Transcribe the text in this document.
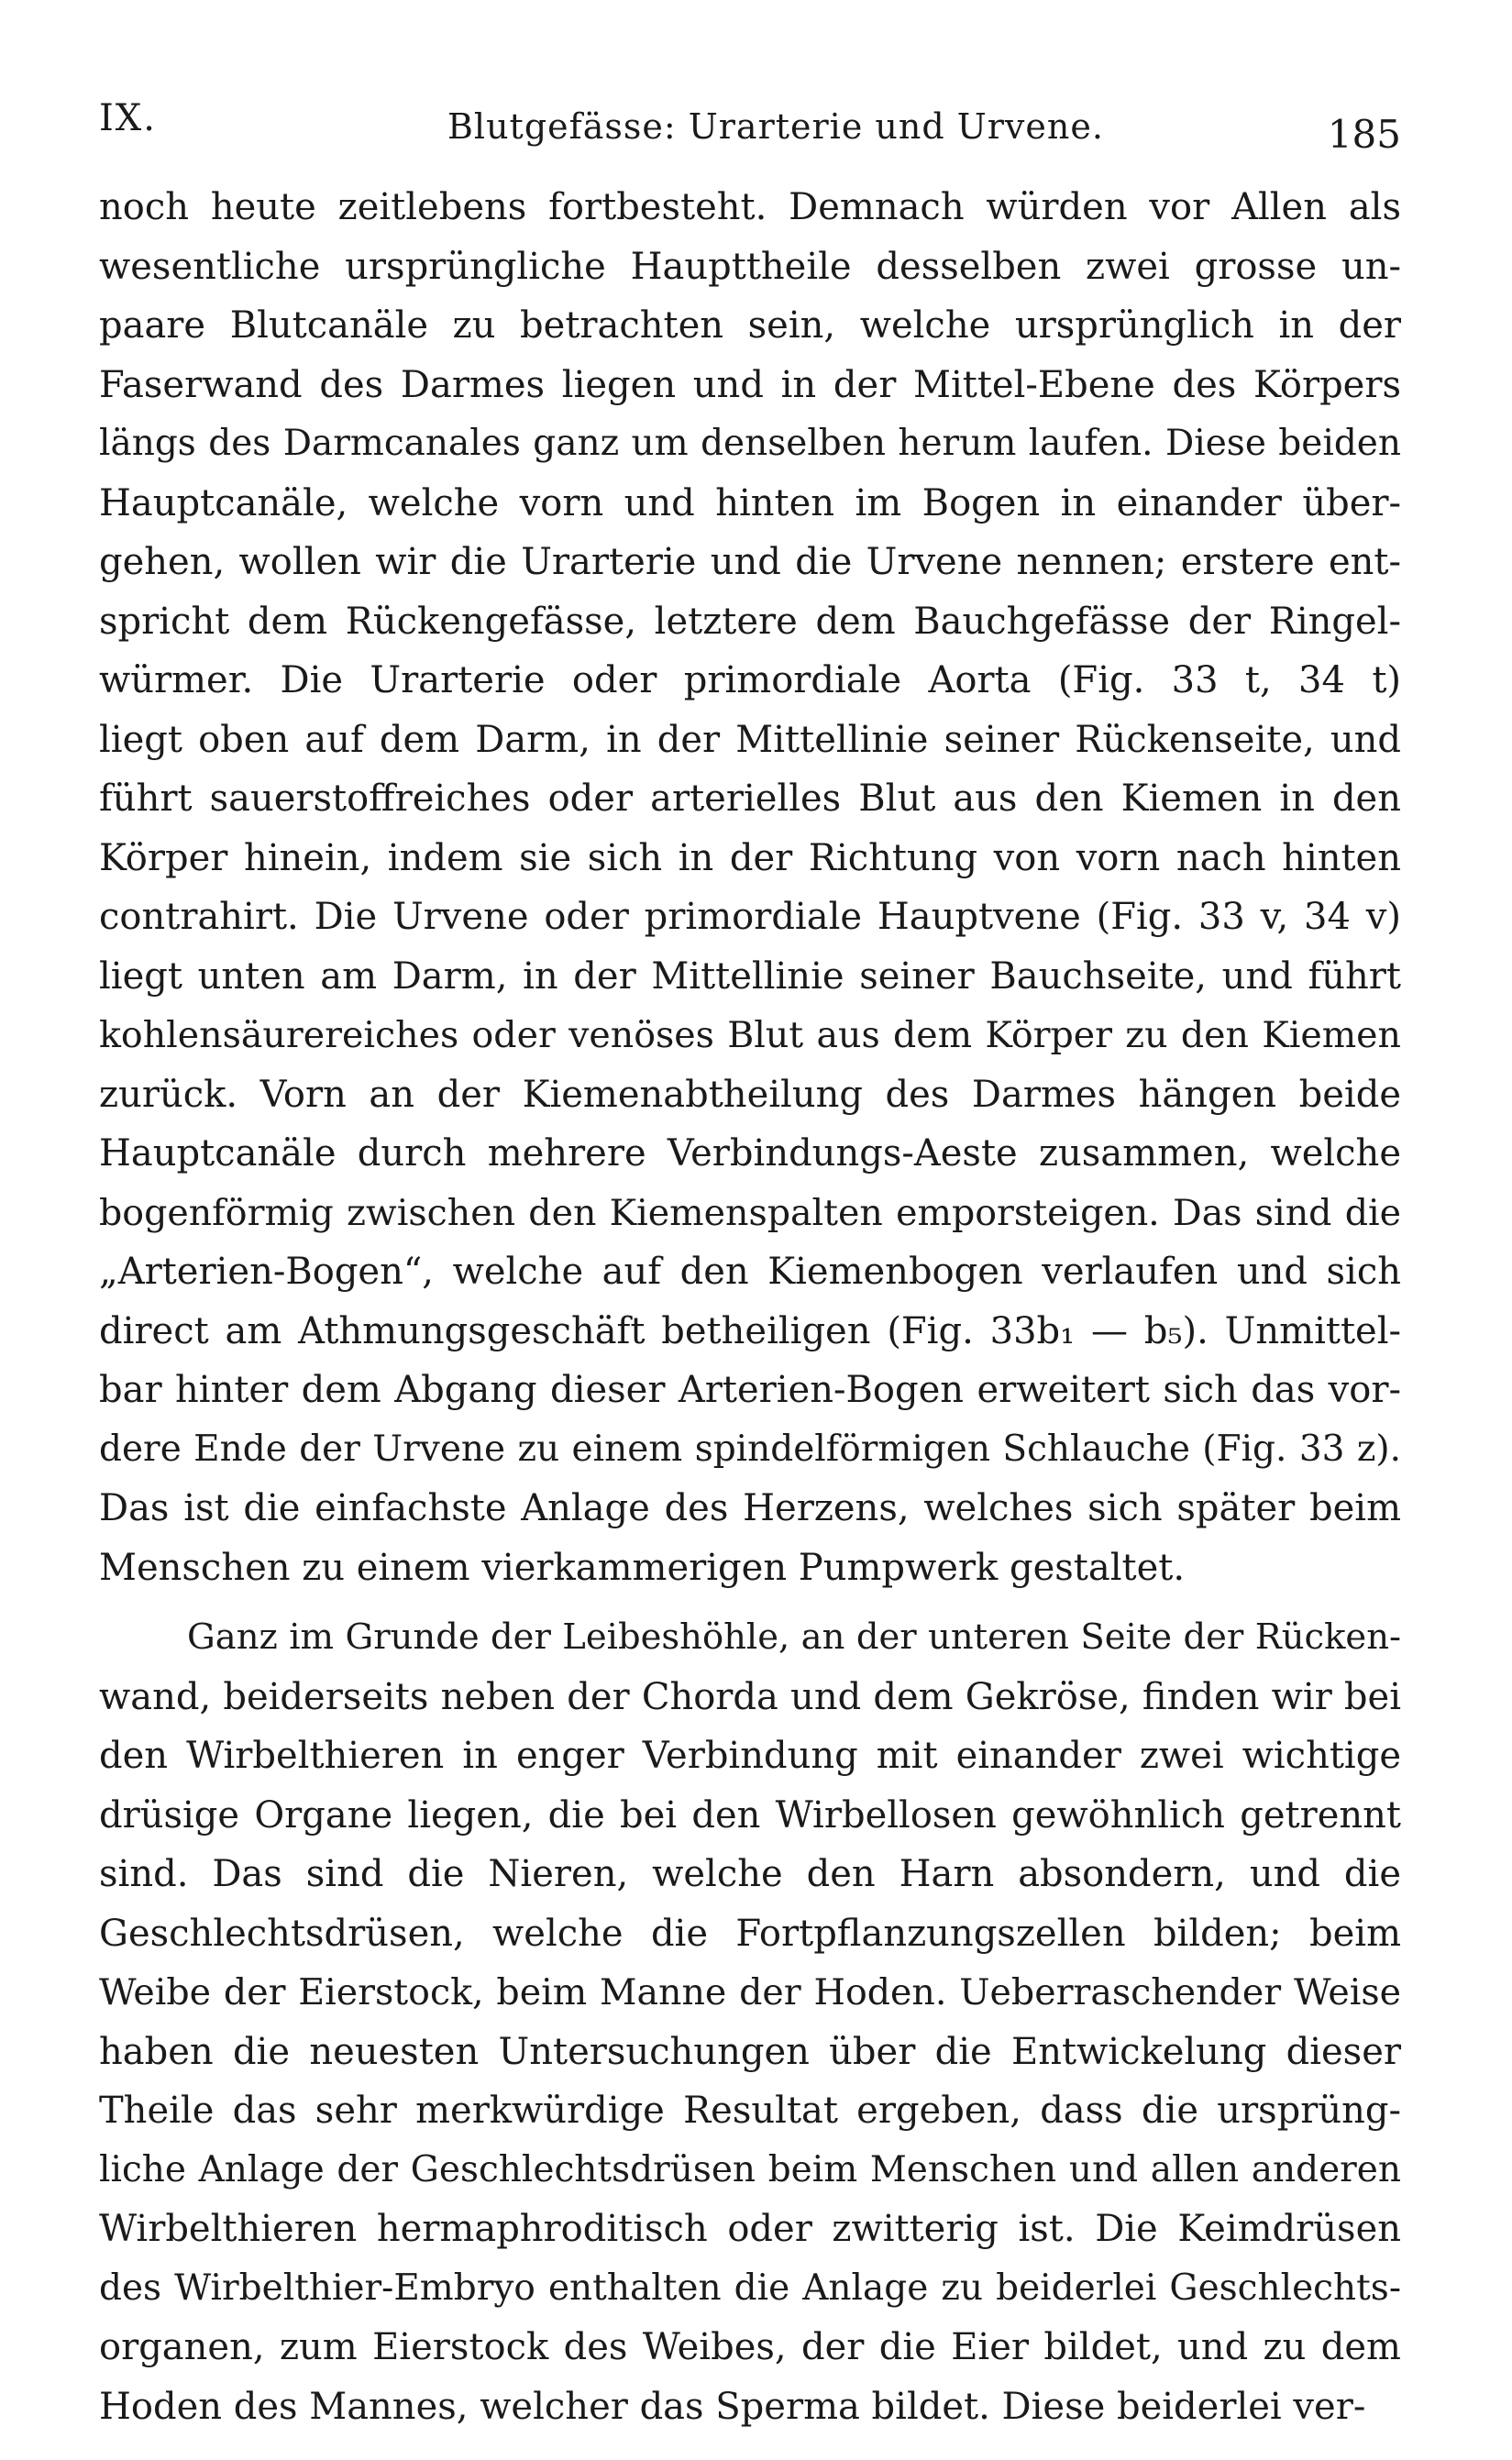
IX.	Blutgefässe: Urarterie und Urvene.	185
noch heute zeitlebens fortbesteht. Demnach würden vor Allen als
wesentliche ursprüngliche Haupttheile desselben zwei grosse un-
paare Blutcanäle zu betrachten sein, welche ursprünglich in der
Faserwand des Darmes liegen und in der Mittel-Ebene des Körpers
längs des Darmcanales ganz um denselben herum laufen. Diese beiden
Hauptcanäle, welche vorn und hinten im Bogen in einander über-
gehen, wollen wir die Urarterie und die Urvene nennen; erstere ent-
spricht dem Rückengefässe, letztere dem Bauchgefässe der Ringel-
würmer. Die Urarterie oder primordiale Aorta (Fig. 33 t, 34 t)
liegt oben auf dem Darm, in der Mittellinie seiner Rückenseite, und
führt sauerstoffreiches oder arterielles Blut aus den Kiemen in den
Körper hinein, indem sie sich in der Richtung von vorn nach hinten
contrahirt. Die Urvene oder primordiale Hauptvene (Fig. 33 v, 34 v)
liegt unten am Darm, in der Mittellinie seiner Bauchseite, und führt
kohlensäurereiches oder venöses Blut aus dem Körper zu den Kiemen
zurück. Vorn an der Kiemenabtheilung des Darmes hängen beide
Hauptcanäle durch mehrere Verbindungs-Aeste zusammen, welche
bogenförmig zwischen den Kiemenspalten emporsteigen. Das sind die
„Arterien-Bogen“, welche auf den Kiemenbogen verlaufen und sich
direct am Athmungsgeschäft betheiligen (Fig. 33b₁ — b₅). Unmittel-
bar hinter dem Abgang dieser Arterien-Bogen erweitert sich das vor-
dere Ende der Urvene zu einem spindelförmigen Schlauche (Fig. 33 z).
Das ist die einfachste Anlage des Herzens, welches sich später beim
Menschen zu einem vierkammerigen Pumpwerk gestaltet.
Ganz im Grunde der Leibeshöhle, an der unteren Seite der Rücken-
wand, beiderseits neben der Chorda und dem Gekröse, finden wir bei
den Wirbelthieren in enger Verbindung mit einander zwei wichtige
drüsige Organe liegen, die bei den Wirbellosen gewöhnlich getrennt
sind. Das sind die Nieren, welche den Harn absondern, und die
Geschlechtsdrüsen, welche die Fortpflanzungszellen bilden; beim
Weibe der Eierstock, beim Manne der Hoden. Ueberraschender Weise
haben die neuesten Untersuchungen über die Entwickelung dieser
Theile das sehr merkwürdige Resultat ergeben, dass die ursprüng-
liche Anlage der Geschlechtsdrüsen beim Menschen und allen anderen
Wirbelthieren hermaphroditisch oder zwitterig ist. Die Keimdrüsen
des Wirbelthier-Embryo enthalten die Anlage zu beiderlei Geschlechts-
organen, zum Eierstock des Weibes, der die Eier bildet, und zu dem
Hoden des Mannes, welcher das Sperma bildet. Diese beiderlei ver-
